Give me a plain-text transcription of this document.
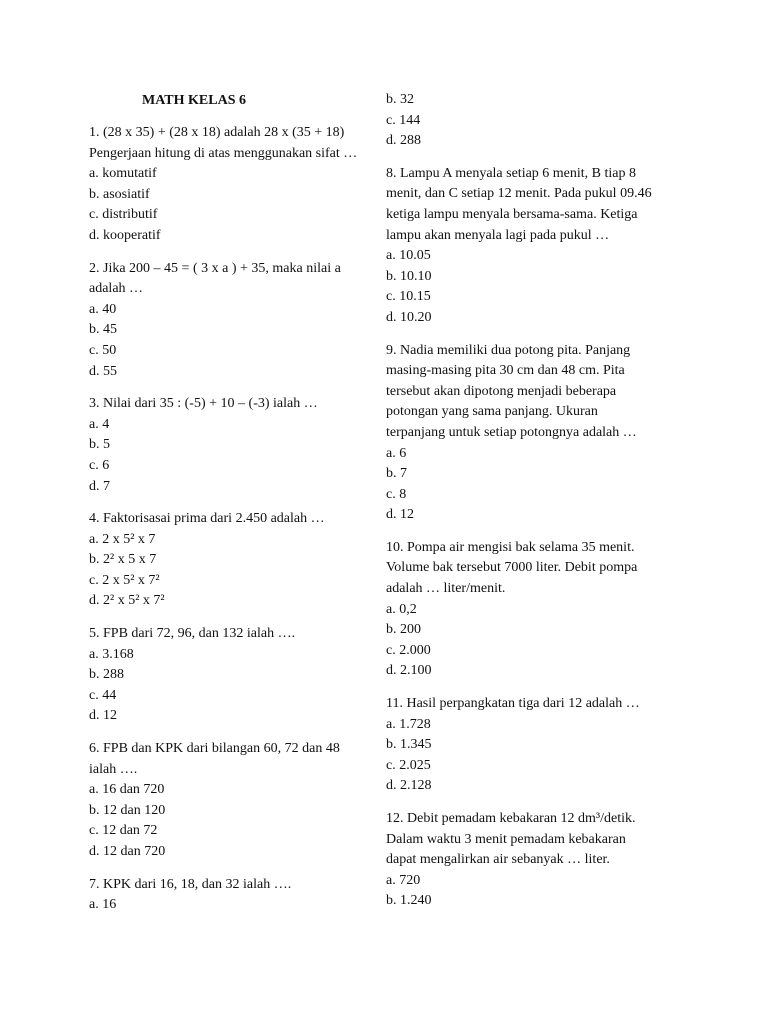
MATH KELAS 6
1. (28 x 35) + (28 x 18) adalah 28 x (35 + 18)
Pengerjaan hitung di atas menggunakan sifat …
a. komutatif
b. asosiatif
c. distributif
d. kooperatif
2. Jika 200 – 45 = ( 3 x a ) + 35, maka nilai a
adalah …
a. 40
b. 45
c. 50
d. 55
3. Nilai dari 35 : (-5) + 10 – (-3) ialah …
a. 4
b. 5
c. 6
d. 7
4. Faktorisasai prima dari 2.450 adalah …
a. 2 x 5² x 7
b. 2² x 5 x 7
c. 2 x 5² x 7²
d. 2² x 5² x 7²
5. FPB dari 72, 96, dan 132 ialah ….
a. 3.168
b. 288
c. 44
d. 12
6. FPB dan KPK dari bilangan 60, 72 dan 48
ialah ….
a. 16 dan 720
b. 12 dan 120
c. 12 dan 72
d. 12 dan 720
7. KPK dari 16, 18, dan 32 ialah ….
a. 16
b. 32
c. 144
d. 288
8. Lampu A menyala setiap 6 menit, B tiap 8
menit, dan C setiap 12 menit. Pada pukul 09.46
ketiga lampu menyala bersama-sama. Ketiga
lampu akan menyala lagi pada pukul …
a. 10.05
b. 10.10
c. 10.15
d. 10.20
9. Nadia memiliki dua potong pita. Panjang
masing-masing pita 30 cm dan 48 cm. Pita
tersebut akan dipotong menjadi beberapa
potongan yang sama panjang. Ukuran
terpanjang untuk setiap potongnya adalah …
a. 6
b. 7
c. 8
d. 12
10. Pompa air mengisi bak selama 35 menit.
Volume bak tersebut 7000 liter. Debit pompa
adalah … liter/menit.
a. 0,2
b. 200
c. 2.000
d. 2.100
11. Hasil perpangkatan tiga dari 12 adalah …
a. 1.728
b. 1.345
c. 2.025
d. 2.128
12. Debit pemadam kebakaran 12 dm³/detik.
Dalam waktu 3 menit pemadam kebakaran
dapat mengalirkan air sebanyak … liter.
a. 720
b. 1.240
